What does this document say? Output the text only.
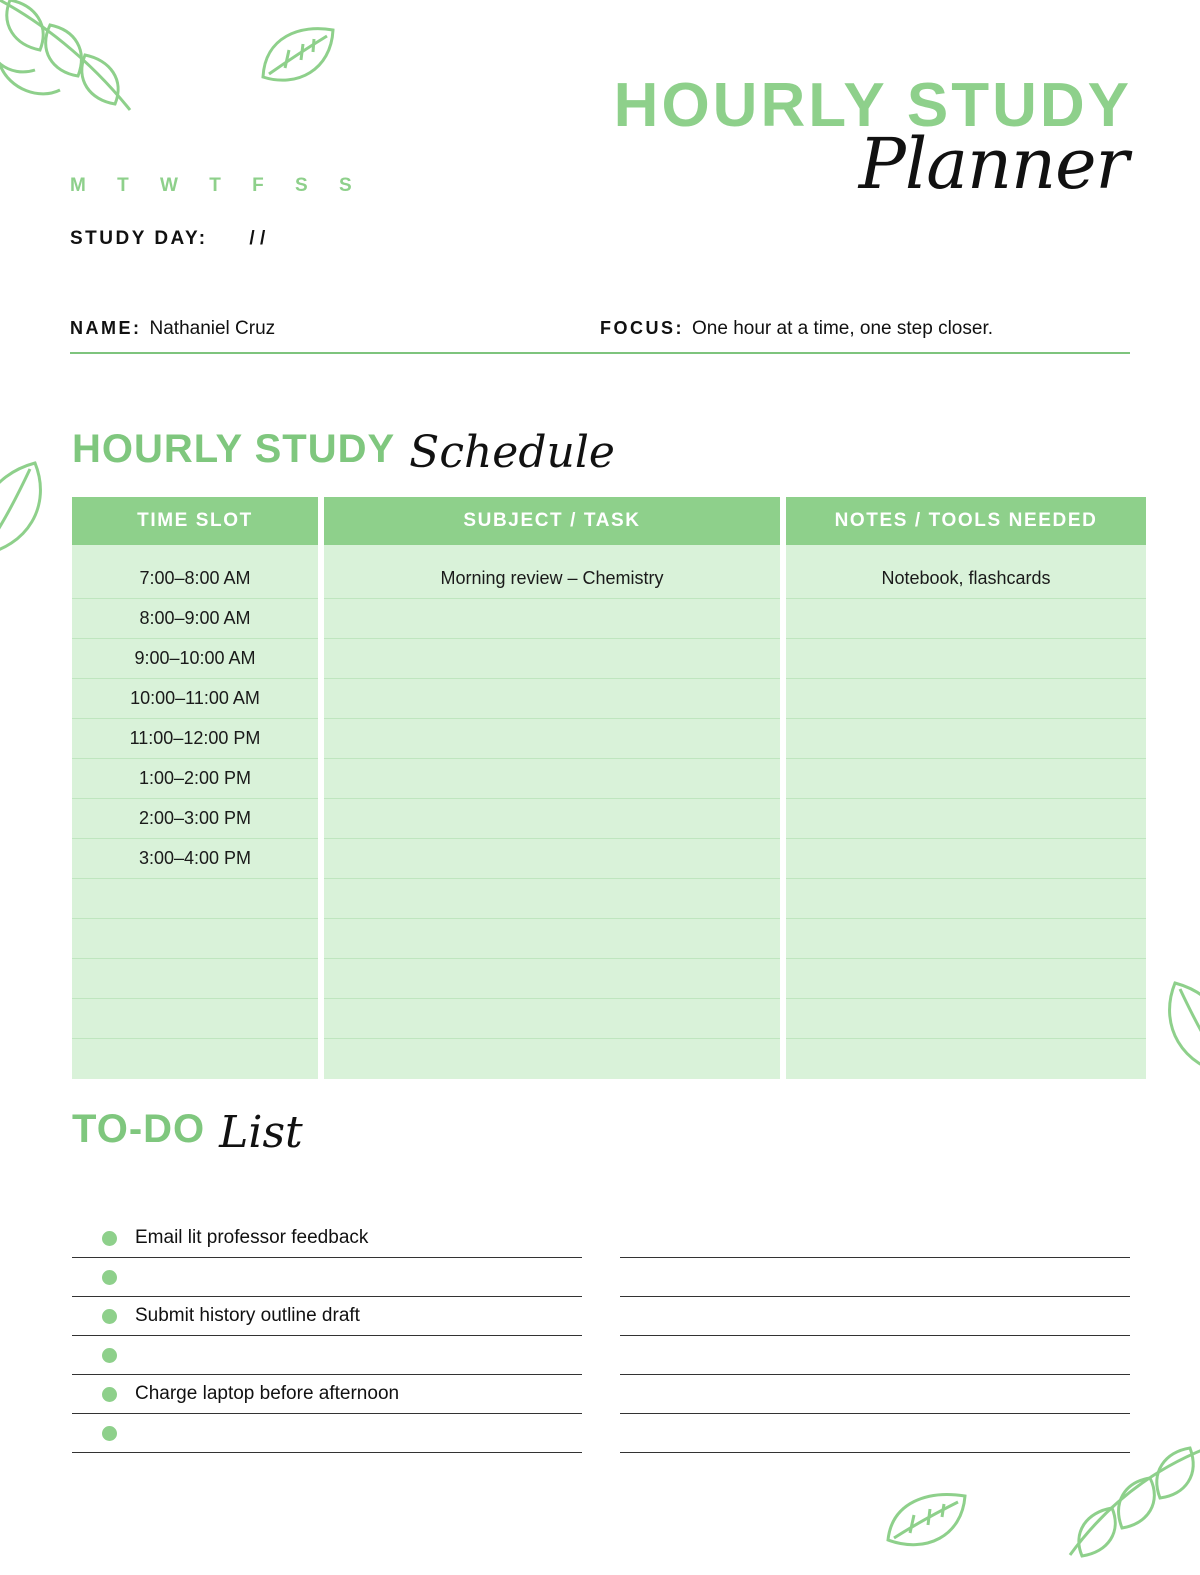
HOURLY STUDY
Planner
M T W T F S S
STUDY DAY: / /
NAME: Nathaniel Cruz	FOCUS: One hour at a time, one step closer.
HOURLY STUDY Schedule
TIME SLOT	SUBJECT / TASK	NOTES / TOOLS NEEDED

7:00–8:00 AM	Morning review – Chemistry	Notebook, flashcards
8:00–9:00 AM		
9:00–10:00 AM		
10:00–11:00 AM		
11:00–12:00 PM		
1:00–2:00 PM		
2:00–3:00 PM		
3:00–4:00 PM		

TO-DO List
Email lit professor feedback
Submit history outline draft
Charge laptop before afternoon
